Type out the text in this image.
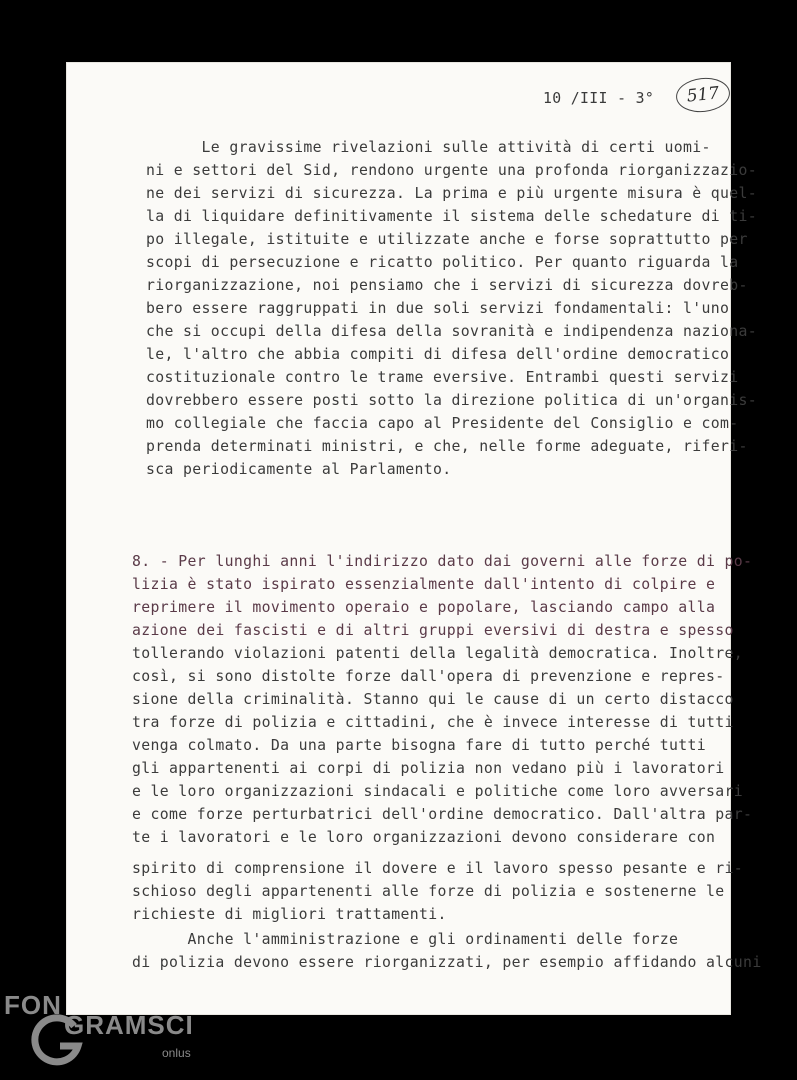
10 /III - 3°	517
Le gravissime rivelazioni sulle attività di certi uomi-
ni e settori del Sid, rendono urgente una profonda riorganizzazio-
ne dei servizi di sicurezza. La prima e più urgente misura è quel-
la di liquidare definitivamente il sistema delle schedature di ti-
po illegale, istituite e utilizzate anche e forse soprattutto per
scopi di persecuzione e ricatto politico. Per quanto riguarda la
riorganizzazione, noi pensiamo che i servizi di sicurezza dovreb-
bero essere raggruppati in due soli servizi fondamentali: l'uno
che si occupi della difesa della sovranità e indipendenza naziona-
le, l'altro che abbia compiti di difesa dell'ordine democratico
costituzionale contro le trame eversive. Entrambi questi servizi
dovrebbero essere posti sotto la direzione politica di un'organis-
mo collegiale che faccia capo al Presidente del Consiglio e com-
prenda determinati ministri, e che, nelle forme adeguate, riferi-
sca periodicamente al Parlamento.
8. - Per lunghi anni l'indirizzo dato dai governi alle forze di po-
lizia è stato ispirato essenzialmente dall'intento di colpire e
reprimere il movimento operaio e popolare, lasciando campo alla
azione dei fascisti e di altri gruppi eversivi di destra e spesso
tollerando violazioni patenti della legalità democratica. Inoltre,
così, si sono distolte forze dall'opera di prevenzione e repres-
sione della criminalità. Stanno qui le cause di un certo distacco
tra forze di polizia e cittadini, che è invece interesse di tutti
venga colmato. Da una parte bisogna fare di tutto perché tutti
gli appartenenti ai corpi di polizia non vedano più i lavoratori
e le loro organizzazioni sindacali e politiche come loro avversari
e come forze perturbatrici dell'ordine democratico. Dall'altra par-
te i lavoratori e le loro organizzazioni devono considerare con
spirito di comprensione il dovere e il lavoro spesso pesante e ri-
schioso degli appartenenti alle forze di polizia e sostenerne le
richieste di migliori trattamenti.
Anche l'amministrazione e gli ordinamenti delle forze
di polizia devono essere riorganizzati, per esempio affidando alcuni
FON
GRAMSCI
onlus
